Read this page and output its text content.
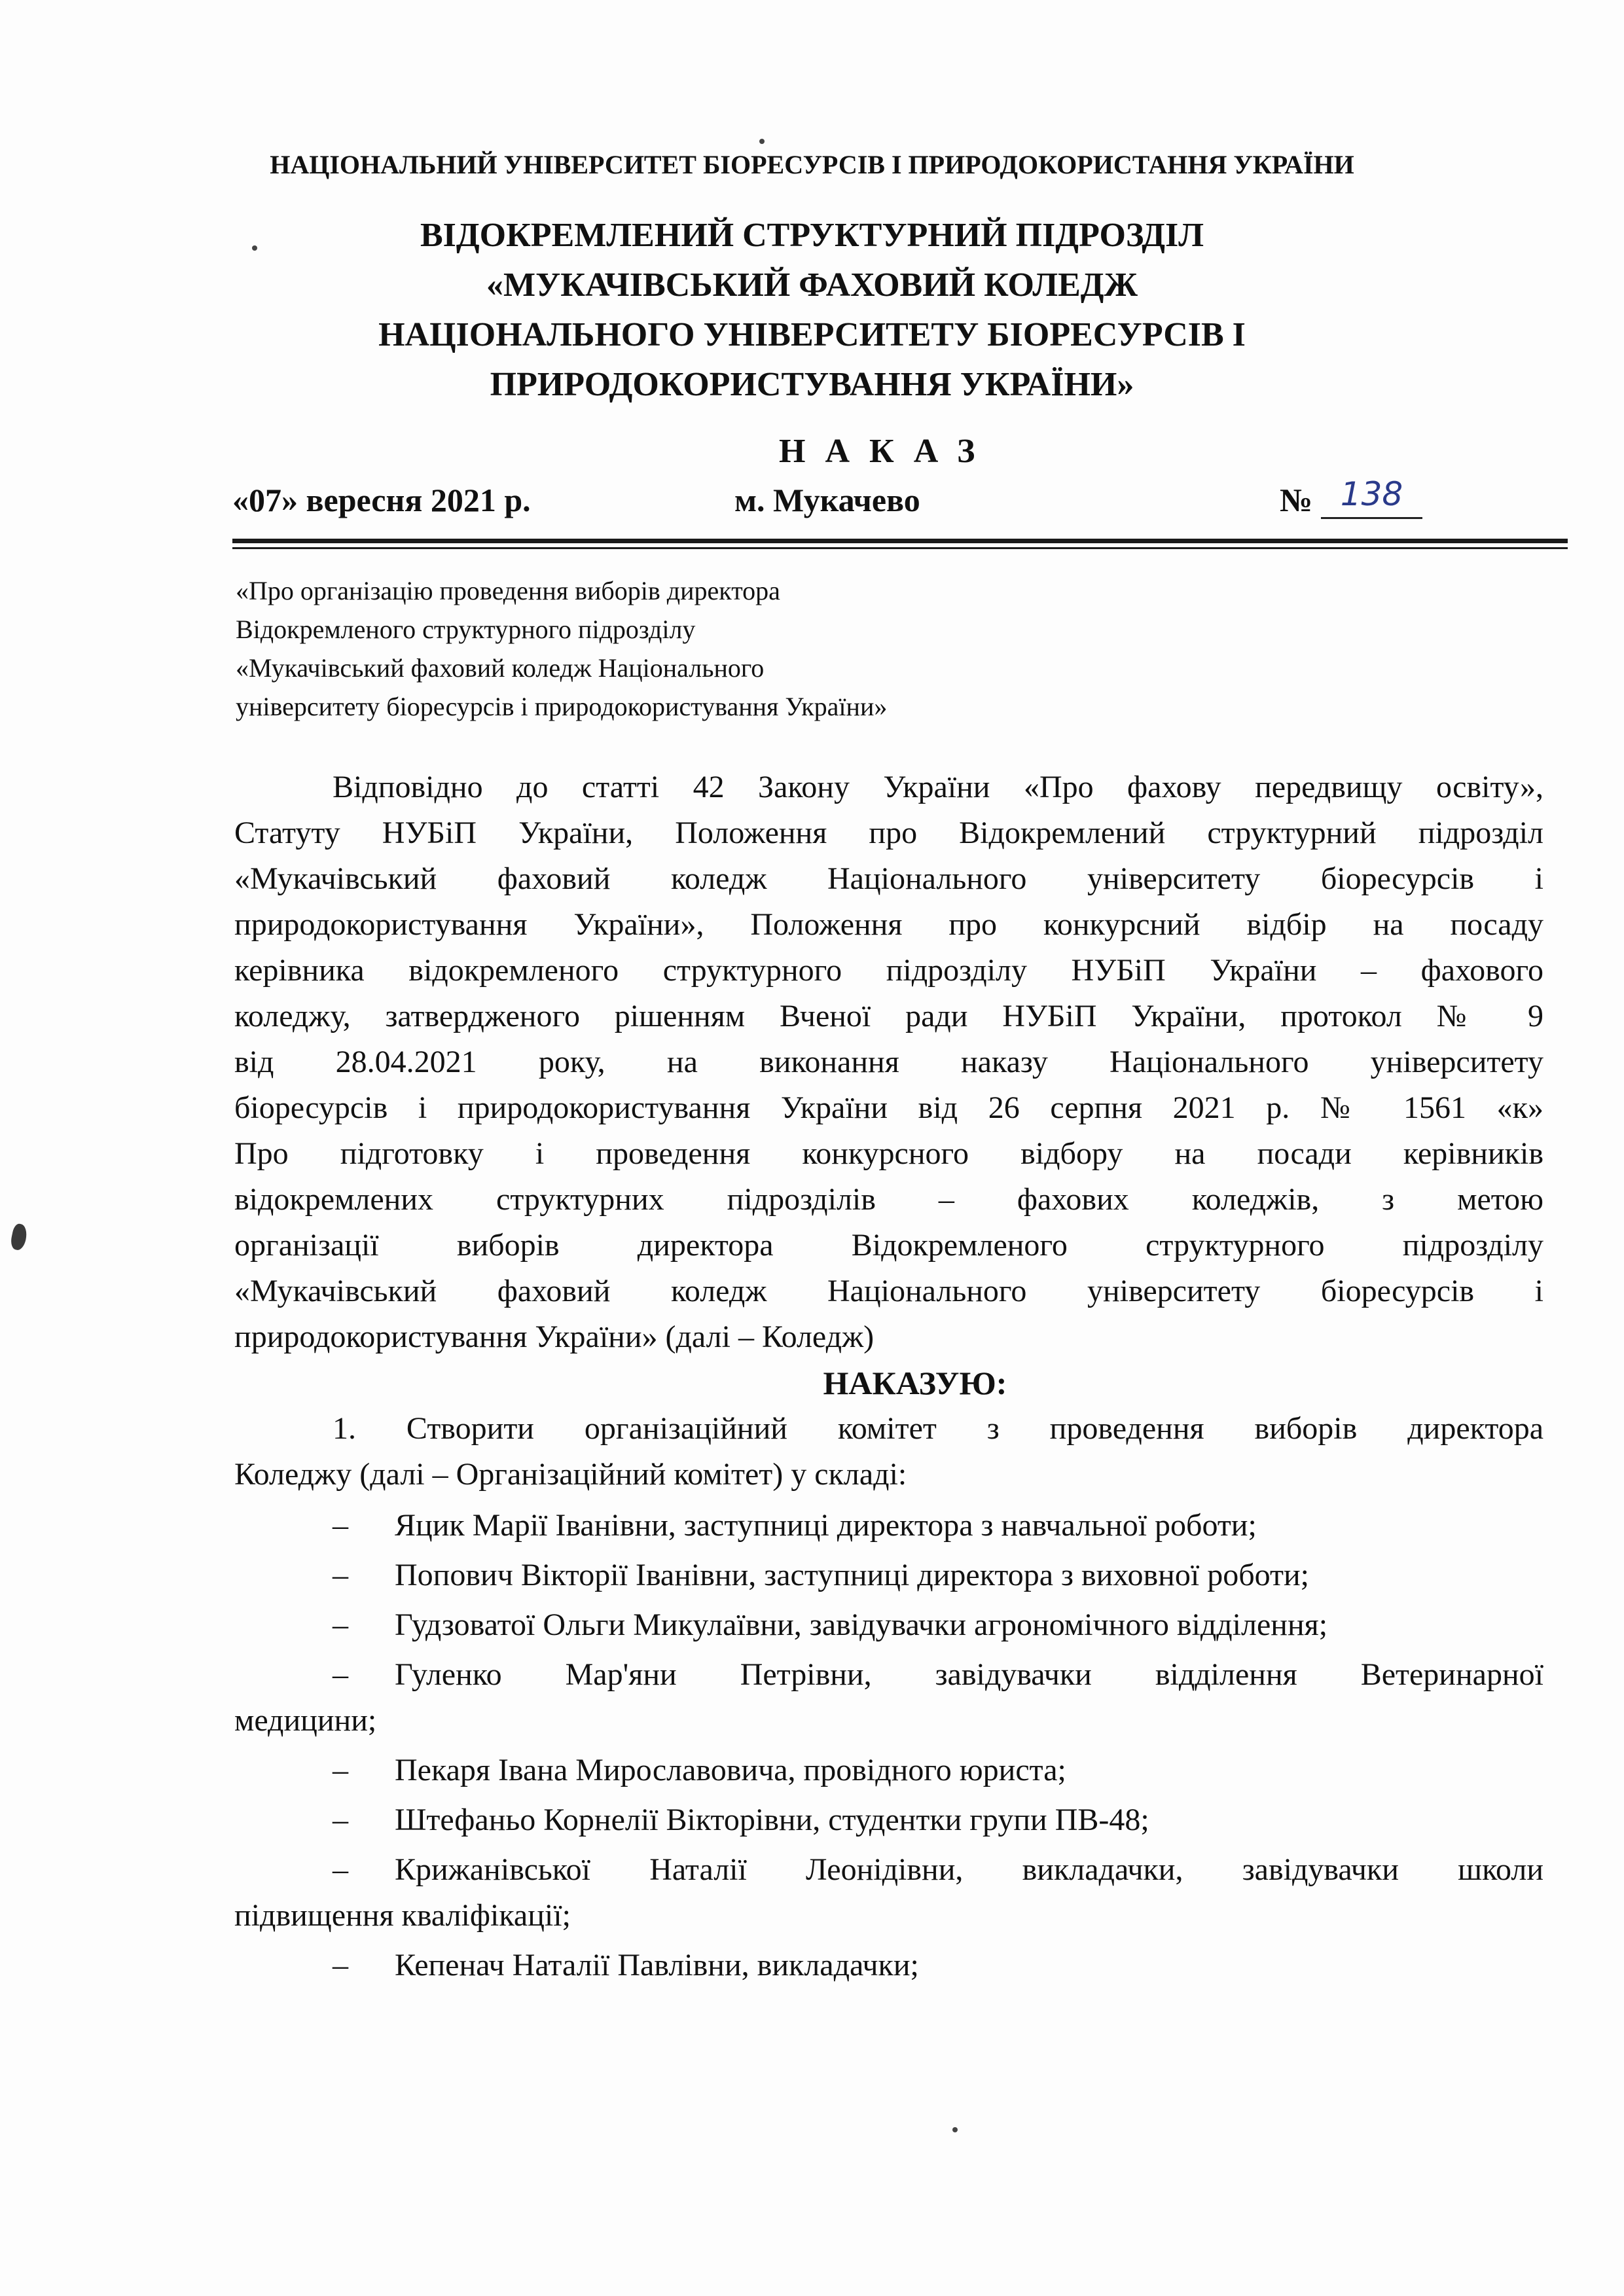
НАЦІОНАЛЬНИЙ УНІВЕРСИТЕТ БІОРЕСУРСІВ І ПРИРОДОКОРИСТАННЯ УКРАЇНИ
ВІДОКРЕМЛЕНИЙ СТРУКТУРНИЙ ПІДРОЗДІЛ
«МУКАЧІВСЬКИЙ ФАХОВИЙ КОЛЕДЖ
НАЦІОНАЛЬНОГО УНІВЕРСИТЕТУ БІОРЕСУРСІВ І
ПРИРОДОКОРИСТУВАННЯ УКРАЇНИ»
НАКАЗ
«07» вересня 2021 р.	м. Мукачево	№ 138
«Про організацію проведення виборів директора
Відокремленого структурного підрозділу
«Мукачівський фаховий коледж Національного
університету біоресурсів і природокористування України»
Відповідно до статті 42 Закону України «Про фахову передвищу освіту»,
Статуту НУБіП України, Положення про Відокремлений структурний підрозділ
«Мукачівський фаховий коледж Національного університету біоресурсів і
природокористування України», Положення про конкурсний відбір на посаду
керівника відокремленого структурного підрозділу НУБіП України – фахового
коледжу, затвердженого рішенням Вченої ради НУБіП України, протокол № 9
від 28.04.2021 року, на виконання наказу Національного університету
біоресурсів і природокористування України від 26 серпня 2021 р. № 1561 «к»
Про підготовку і проведення конкурсного відбору на посади керівників
відокремлених структурних підрозділів – фахових коледжів, з метою
організації виборів директора Відокремленого структурного підрозділу
«Мукачівський фаховий коледж Національного університету біоресурсів і
природокористування України» (далі – Коледж)
НАКАЗУЮ:
1. Створити організаційний комітет з проведення виборів директора
Коледжу (далі – Організаційний комітет) у складі:
– Яцик Марії Іванівни, заступниці директора з навчальної роботи;
– Попович Вікторії Іванівни, заступниці директора з виховної роботи;
– Гудзоватої Ольги Микулаївни, завідувачки агрономічного відділення;
– Гуленко Мар'яни Петрівни, завідувачки відділення Ветеринарної
медицини;
– Пекаря Івана Мирославовича, провідного юриста;
– Штефаньо Корнелії Вікторівни, студентки групи ПВ-48;
– Крижанівської Наталії Леонідівни, викладачки, завідувачки школи
підвищення кваліфікації;
– Кепенач Наталії Павлівни, викладачки;
